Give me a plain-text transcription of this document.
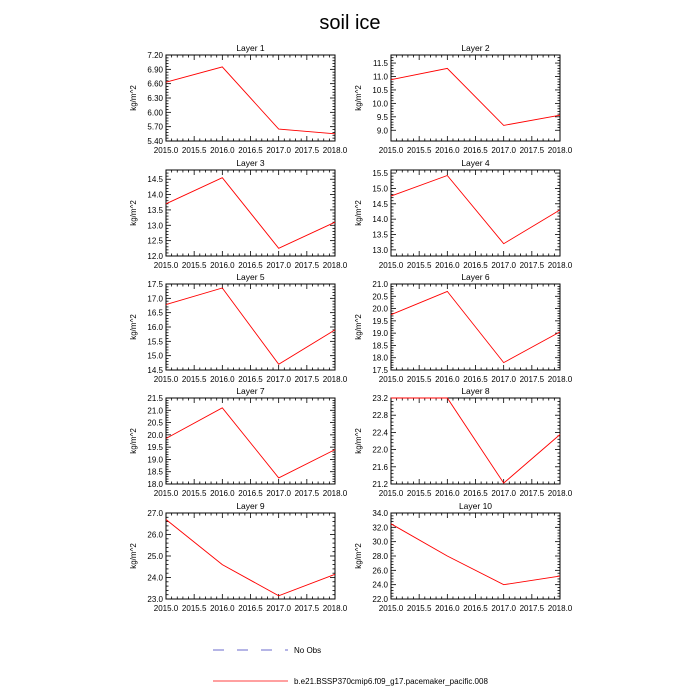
soil ice
Layer 1
2015.0 2015.5 2016.0 2016.5 2017.0 2017.5 2018.0
5.40
5.70
6.00
6.30
6.60
6.90
7.20
kg/m^2
Layer 2
2015.0 2015.5 2016.0 2016.5 2017.0 2017.5 2018.0
9.0
9.5
10.0
10.5
11.0
11.5
kg/m^2
Layer 3
2015.0 2015.5 2016.0 2016.5 2017.0 2017.5 2018.0
12.0
12.5
13.0
13.5
14.0
14.5
kg/m^2
Layer 4
2015.0 2015.5 2016.0 2016.5 2017.0 2017.5 2018.0
13.0
13.5
14.0
14.5
15.0
15.5
kg/m^2
Layer 5
2015.0 2015.5 2016.0 2016.5 2017.0 2017.5 2018.0
14.5
15.0
15.5
16.0
16.5
17.0
17.5
kg/m^2
Layer 6
2015.0 2015.5 2016.0 2016.5 2017.0 2017.5 2018.0
17.5
18.0
18.5
19.0
19.5
20.0
20.5
21.0
kg/m^2
Layer 7
2015.0 2015.5 2016.0 2016.5 2017.0 2017.5 2018.0
18.0
18.5
19.0
19.5
20.0
20.5
21.0
21.5
kg/m^2
Layer 8
2015.0 2015.5 2016.0 2016.5 2017.0 2017.5 2018.0
21.2
21.6
22.0
22.4
22.8
23.2
kg/m^2
Layer 9
2015.0 2015.5 2016.0 2016.5 2017.0 2017.5 2018.0
23.0
24.0
25.0
26.0
27.0
kg/m^2
Layer 10
2015.0 2015.5 2016.0 2016.5 2017.0 2017.5 2018.0
22.0
24.0
26.0
28.0
30.0
32.0
34.0
kg/m^2
No Obs
b.e21.BSSP370cmip6.f09_g17.pacemaker_pacific.008
